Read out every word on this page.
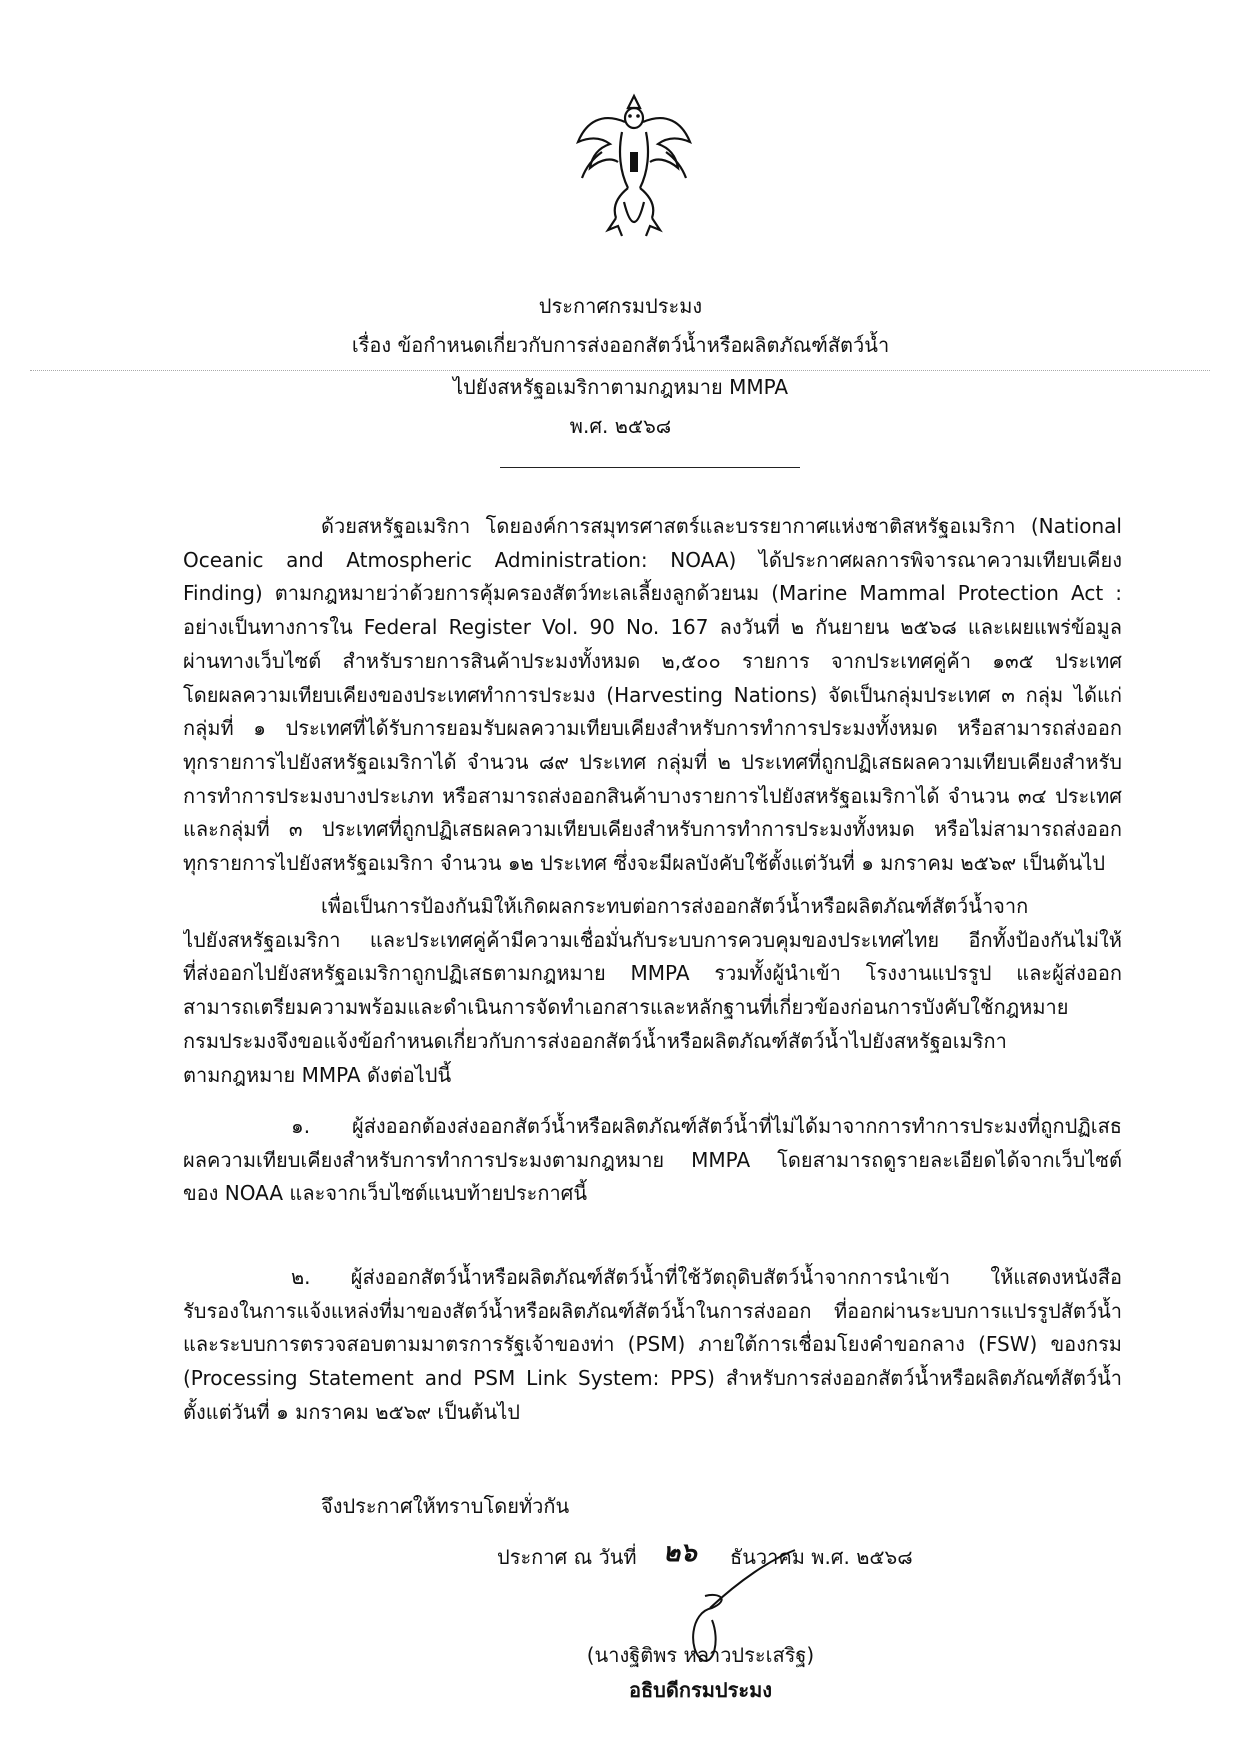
ประกาศกรมประมง
เรื่อง ข้อกำหนดเกี่ยวกับการส่งออกสัตว์น้ำหรือผลิตภัณฑ์สัตว์น้ำ
ไปยังสหรัฐอเมริกาตามกฎหมาย MMPA
พ.ศ. ๒๕๖๘
ด้วยสหรัฐอเมริกา โดยองค์การสมุทรศาสตร์และบรรยากาศแห่งชาติสหรัฐอเมริกา (National
Oceanic and Atmospheric Administration: NOAA) ได้ประกาศผลการพิจารณาความเทียบเคียง
Finding) ตามกฎหมายว่าด้วยการคุ้มครองสัตว์ทะเลเลี้ยงลูกด้วยนม (Marine Mammal Protection Act :
อย่างเป็นทางการใน Federal Register Vol. 90 No. 167 ลงวันที่ ๒ กันยายน ๒๕๖๘ และเผยแพร่ข้อมูล
ผ่านทางเว็บไซต์ สำหรับรายการสินค้าประมงทั้งหมด ๒,๕๐๐ รายการ จากประเทศคู่ค้า ๑๓๕ ประเทศ
โดยผลความเทียบเคียงของประเทศทำการประมง (Harvesting Nations) จัดเป็นกลุ่มประเทศ ๓ กลุ่ม ได้แก่
กลุ่มที่ ๑ ประเทศที่ได้รับการยอมรับผลความเทียบเคียงสำหรับการทำการประมงทั้งหมด หรือสามารถส่งออก
ทุกรายการไปยังสหรัฐอเมริกาได้ จำนวน ๘๙ ประเทศ กลุ่มที่ ๒ ประเทศที่ถูกปฏิเสธผลความเทียบเคียงสำหรับ
การทำการประมงบางประเภท หรือสามารถส่งออกสินค้าบางรายการไปยังสหรัฐอเมริกาได้ จำนวน ๓๔ ประเทศ
และกลุ่มที่ ๓ ประเทศที่ถูกปฏิเสธผลความเทียบเคียงสำหรับการทำการประมงทั้งหมด หรือไม่สามารถส่งออก
ทุกรายการไปยังสหรัฐอเมริกา จำนวน ๑๒ ประเทศ ซึ่งจะมีผลบังคับใช้ตั้งแต่วันที่ ๑ มกราคม ๒๕๖๙ เป็นต้นไป
เพื่อเป็นการป้องกันมิให้เกิดผลกระทบต่อการส่งออกสัตว์น้ำหรือผลิตภัณฑ์สัตว์น้ำจาก
ไปยังสหรัฐอเมริกา และประเทศคู่ค้ามีความเชื่อมั่นกับระบบการควบคุมของประเทศไทย อีกทั้งป้องกันไม่ให้
ที่ส่งออกไปยังสหรัฐอเมริกาถูกปฏิเสธตามกฎหมาย MMPA รวมทั้งผู้นำเข้า โรงงานแปรรูป และผู้ส่งออก
สามารถเตรียมความพร้อมและดำเนินการจัดทำเอกสารและหลักฐานที่เกี่ยวข้องก่อนการบังคับใช้กฎหมาย
กรมประมงจึงขอแจ้งข้อกำหนดเกี่ยวกับการส่งออกสัตว์น้ำหรือผลิตภัณฑ์สัตว์น้ำไปยังสหรัฐอเมริกา
ตามกฎหมาย MMPA ดังต่อไปนี้
๑. ผู้ส่งออกต้องส่งออกสัตว์น้ำหรือผลิตภัณฑ์สัตว์น้ำที่ไม่ได้มาจากการทำการประมงที่ถูกปฏิเสธ
ผลความเทียบเคียงสำหรับการทำการประมงตามกฎหมาย MMPA โดยสามารถดูรายละเอียดได้จากเว็บไซต์
ของ NOAA และจากเว็บไซต์แนบท้ายประกาศนี้
๒. ผู้ส่งออกสัตว์น้ำหรือผลิตภัณฑ์สัตว์น้ำที่ใช้วัตถุดิบสัตว์น้ำจากการนำเข้า ให้แสดงหนังสือ
รับรองในการแจ้งแหล่งที่มาของสัตว์น้ำหรือผลิตภัณฑ์สัตว์น้ำในการส่งออก ที่ออกผ่านระบบการแปรรูปสัตว์น้ำ
และระบบการตรวจสอบตามมาตรการรัฐเจ้าของท่า (PSM) ภายใต้การเชื่อมโยงคำขอกลาง (FSW) ของกรม
(Processing Statement and PSM Link System: PPS) สำหรับการส่งออกสัตว์น้ำหรือผลิตภัณฑ์สัตว์น้ำ
ตั้งแต่วันที่ ๑ มกราคม ๒๕๖๙ เป็นต้นไป
จึงประกาศให้ทราบโดยทั่วกัน
ประกาศ ณ วันที่ ๒๖ ธันวาคม พ.ศ. ๒๕๖๘
(นางฐิติพร หลาวประเสริฐ)
อธิบดีกรมประมง
